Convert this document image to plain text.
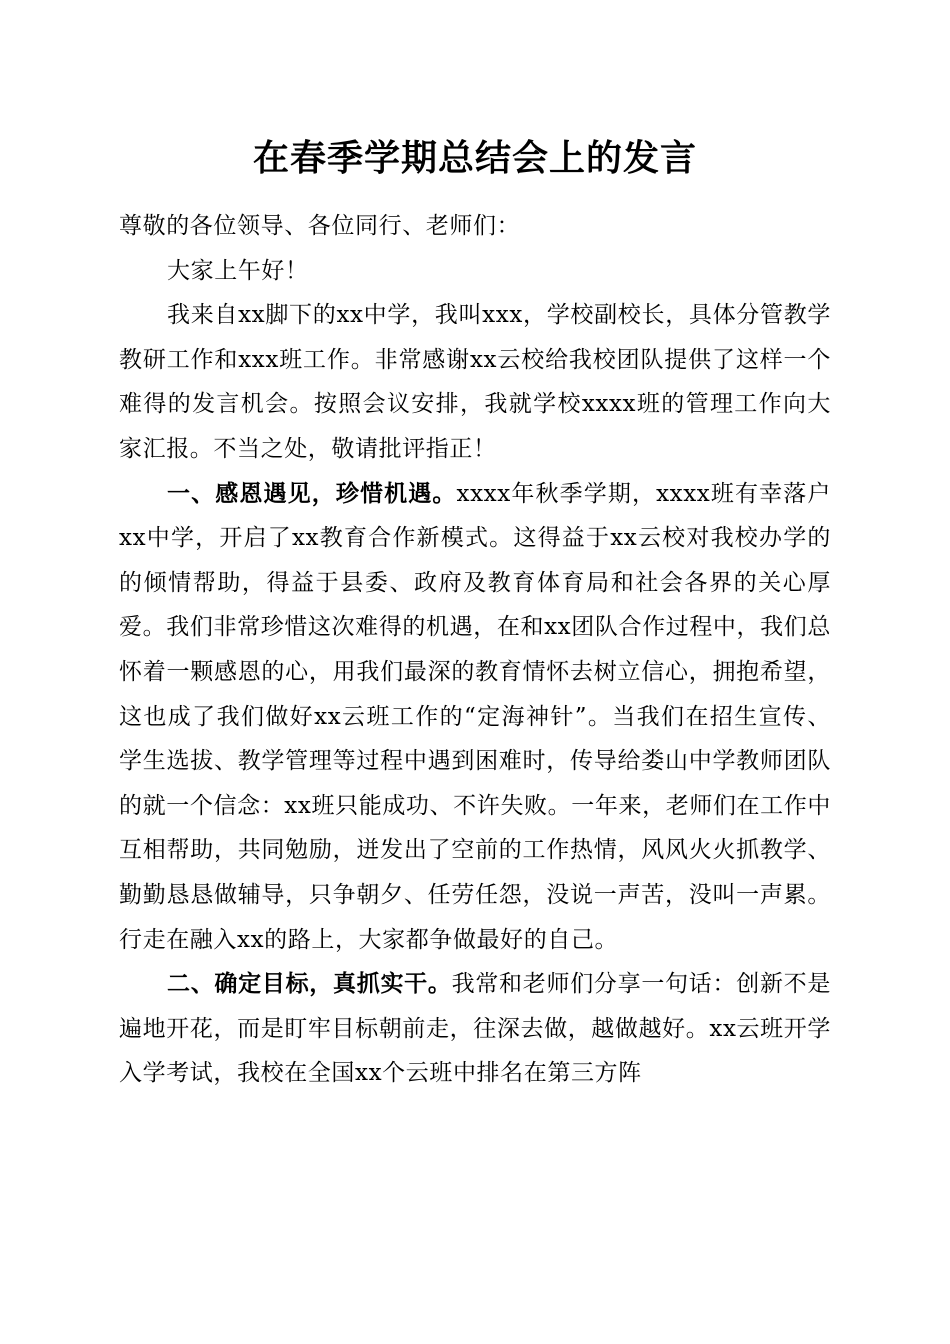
在春季学期总结会上的发言

尊敬的各位领导、各位同行、老师们：

大家上午好！

我来自xx脚下的xx中学，我叫xxx，学校副校长，具体分管教学教研工作和xxx班工作。非常感谢xx云校给我校团队提供了这样一个难得的发言机会。按照会议安排，我就学校xxxx班的管理工作向大家汇报。不当之处，敬请批评指正！

一、感恩遇见，珍惜机遇。xxxx年秋季学期，xxxx班有幸落户xx中学，开启了xx教育合作新模式。这得益于xx云校对我校办学的的倾情帮助，得益于县委、政府及教育体育局和社会各界的关心厚爱。我们非常珍惜这次难得的机遇，在和xx团队合作过程中，我们总怀着一颗感恩的心，用我们最深的教育情怀去树立信心，拥抱希望，这也成了我们做好xx云班工作的“定海神针”。当我们在招生宣传、学生选拔、教学管理等过程中遇到困难时，传导给娄山中学教师团队的就一个信念：xx班只能成功、不许失败。一年来，老师们在工作中互相帮助，共同勉励，迸发出了空前的工作热情，风风火火抓教学、勤勤恳恳做辅导，只争朝夕、任劳任怨，没说一声苦，没叫一声累。行走在融入xx的路上，大家都争做最好的自己。

二、确定目标，真抓实干。我常和老师们分享一句话：创新不是遍地开花，而是盯牢目标朝前走，往深去做，越做越好。xx云班开学入学考试，我校在全国xx个云班中排名在第三方阵
